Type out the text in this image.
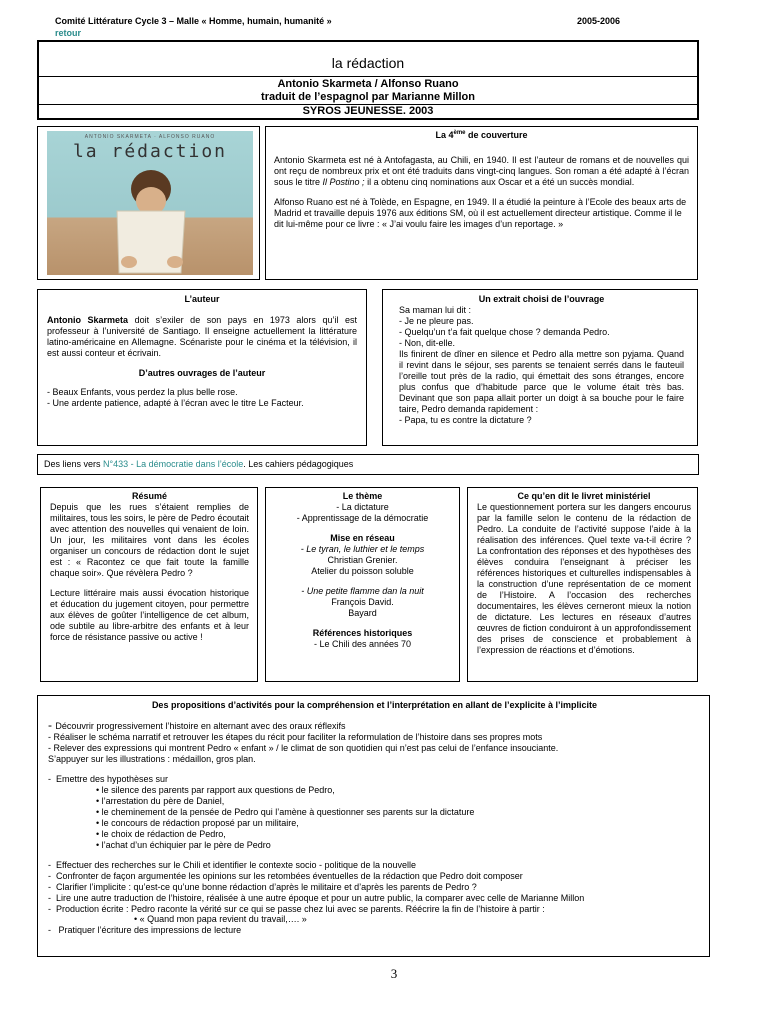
Comité Littérature Cycle 3 – Malle « Homme, humain, humanité »	2005-2006
retour
la rédaction
Antonio Skarmeta / Alfonso Ruano
traduit de l’espagnol par Marianne Millon
SYROS JEUNESSE. 2003
ANTONIO SKARMETA · ALFONSO RUANO
la rédaction
La 4ème de couverture

Antonio Skarmeta est né à Antofagasta, au Chili, en 1940. Il est l’auteur de romans et de nouvelles qui ont reçu de nombreux prix et ont été traduits dans vingt-cinq langues. Son roman a été adapté à l’écran sous le titre Il Postino ; il a obtenu cinq nominations aux Oscar et a été un succès mondial.

Alfonso Ruano est né à Tolède, en Espagne, en 1949. Il a étudié la peinture à l’Ecole des beaux arts de Madrid et travaille depuis 1976 aux éditions SM, où il est actuellement directeur artistique. Comme il le dit lui-même pour ce livre : « J’ai voulu faire les images d’un reportage. »

L’auteur

Antonio Skarmeta doit s’exiler de son pays en 1973 alors qu’il est professeur à l’université de Santiago. Il enseigne actuellement la littérature latino-américaine en Allemagne. Scénariste pour le cinéma et la télévision, il est aussi conteur et écrivain.

D’autres ouvrages de l’auteur
- Beaux Enfants, vous perdez la plus belle rose.
- Une ardente patience, adapté à l’écran avec le titre Le Facteur.
Un extrait choisi de l’ouvrage
Sa maman lui dit :
- Je ne pleure pas.
- Quelqu’un t’a fait quelque chose ? demanda Pedro.
- Non, dit-elle.

Ils finirent de dîner en silence et Pedro alla mettre son pyjama. Quand il revint dans le séjour, ses parents se tenaient serrés dans le fauteuil l’oreille tout près de la radio, qui émettait des sons étranges, encore plus confus que d’habitude parce que le volume était très bas. Devinant que son papa allait porter un doigt à sa bouche pour le faire taire, Pedro demanda rapidement :

- Papa, tu es contre la dictature ?
Des liens vers N°433 - La démocratie dans l’école. Les cahiers pédagogiques
Résumé

Depuis que les rues s’étaient remplies de militaires, tous les soirs, le père de Pedro écoutait avec attention des nouvelles qui venaient de loin. Un jour, les militaires vont dans les écoles organiser un concours de rédaction dont le sujet est : « Racontez ce que fait toute la famille chaque soir». Que révèlera Pedro ?

Lecture littéraire mais aussi évocation historique et éducation du jugement citoyen, pour permettre aux élèves de goûter l’intelligence de cet album, ode subtile au libre-arbitre des enfants et à leur force de résistance passive ou active !

Le thème
- La dictature
- Apprentissage de la démocratie
Mise en réseau
- Le tyran, le luthier et le temps
Christian Grenier.
Atelier du poisson soluble
- Une petite flamme dan la nuit
François David.
Bayard
Références historiques
- Le Chili des années 70
Ce qu’en dit le livret ministériel

Le questionnement portera sur les dangers encourus par la famille selon le contenu de la rédaction de Pedro. La conduite de l’activité suppose l’aide à la réalisation des inférences. Quel texte va-t-il écrire ? La confrontation des réponses et des hypothèses des élèves conduira l’enseignant à préciser les références historiques et culturelles indispensables à la construction d’une représentation de ce moment de l’Histoire. A l’occasion des recherches documentaires, les élèves cerneront mieux la notion de dictature. Les lectures en réseaux d’autres œuvres de fiction conduiront à un approfondissement des prises de conscience et probablement à l’expression de réactions et d’émotions.

Des propositions d’activités pour la compréhension et l’interprétation en allant de l’explicite à l’implicite
- Découvrir progressivement l’histoire en alternant avec des oraux réflexifs
- Réaliser le schéma narratif et retrouver les étapes du récit pour faciliter la reformulation de l’histoire dans ses propres mots
- Relever des expressions qui montrent Pedro « enfant » / le climat de son quotidien qui n’est pas celui de l’enfance insouciante.
S’appuyer sur les illustrations : médaillon, gros plan.
-  Emettre des hypothèses sur
• le silence des parents par rapport aux questions de Pedro,
• l’arrestation du père de Daniel,
• le cheminement de la pensée de Pedro qui l’amène à questionner ses parents sur la dictature
• le concours de rédaction proposé par un militaire,
• le choix de rédaction de Pedro,
• l’achat d’un échiquier par le père de Pedro
-  Effectuer des recherches sur le Chili et identifier le contexte socio - politique de la nouvelle
-  Confronter de façon argumentée les opinions sur les retombées éventuelles de la rédaction que Pedro doit composer
-  Clarifier l’implicite : qu’est-ce qu’une bonne rédaction d’après le militaire et d’après les parents de Pedro ?
-  Lire une autre traduction de l’histoire, réalisée à une autre époque et pour un autre public, la comparer avec celle de Marianne Millon
-  Production écrite : Pedro raconte la vérité sur ce qui se passe chez lui avec se parents. Réécrire la fin de l’histoire à partir :
• « Quand mon papa revient du travail,…. »
-   Pratiquer l’écriture des impressions de lecture
3
